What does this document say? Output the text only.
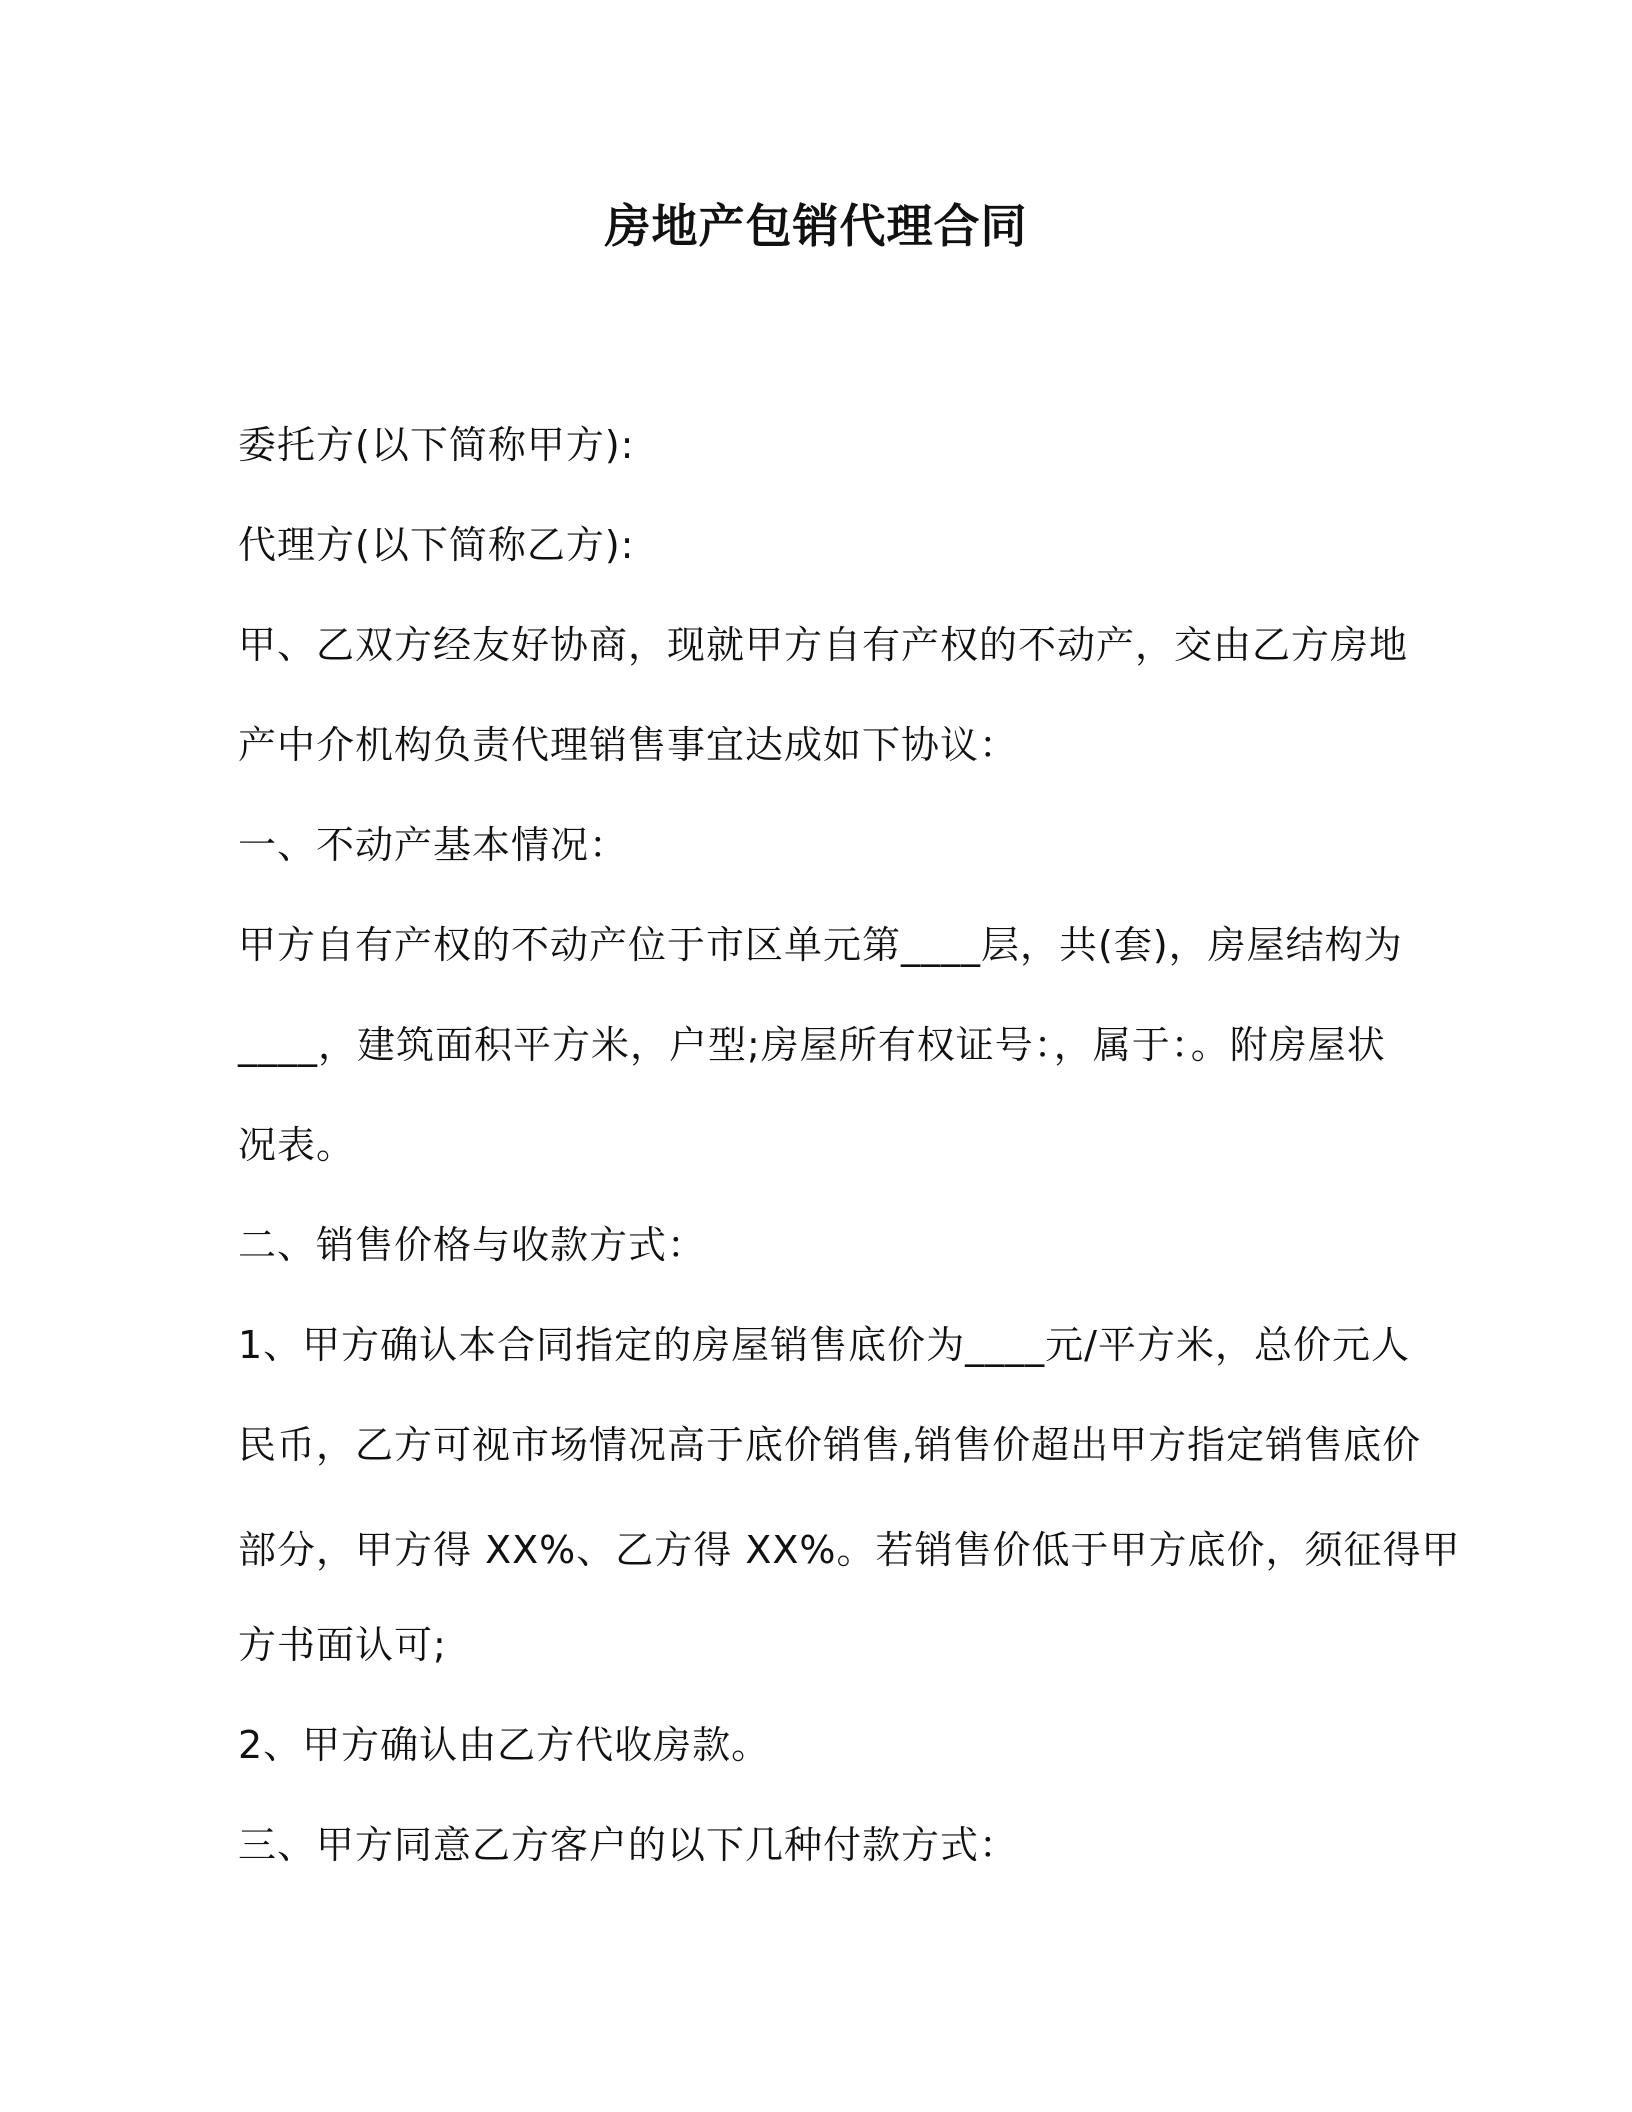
房地产包销代理合同
委托方(以下简称甲方):
代理方(以下简称乙方):
甲、乙双方经友好协商，现就甲方自有产权的不动产，交由乙方房地
产中介机构负责代理销售事宜达成如下协议：
一、不动产基本情况：
甲方自有产权的不动产位于市区单元第____层，共(套)，房屋结构为
____，建筑面积平方米，户型;房屋所有权证号：，属于：。附房屋状
况表。
二、销售价格与收款方式：
1、甲方确认本合同指定的房屋销售底价为____元/平方米，总价元人
民币，乙方可视市场情况高于底价销售,销售价超出甲方指定销售底价
部分，甲方得 XX%、乙方得 XX%。若销售价低于甲方底价，须征得甲
方书面认可;
2、甲方确认由乙方代收房款。
三、甲方同意乙方客户的以下几种付款方式：
